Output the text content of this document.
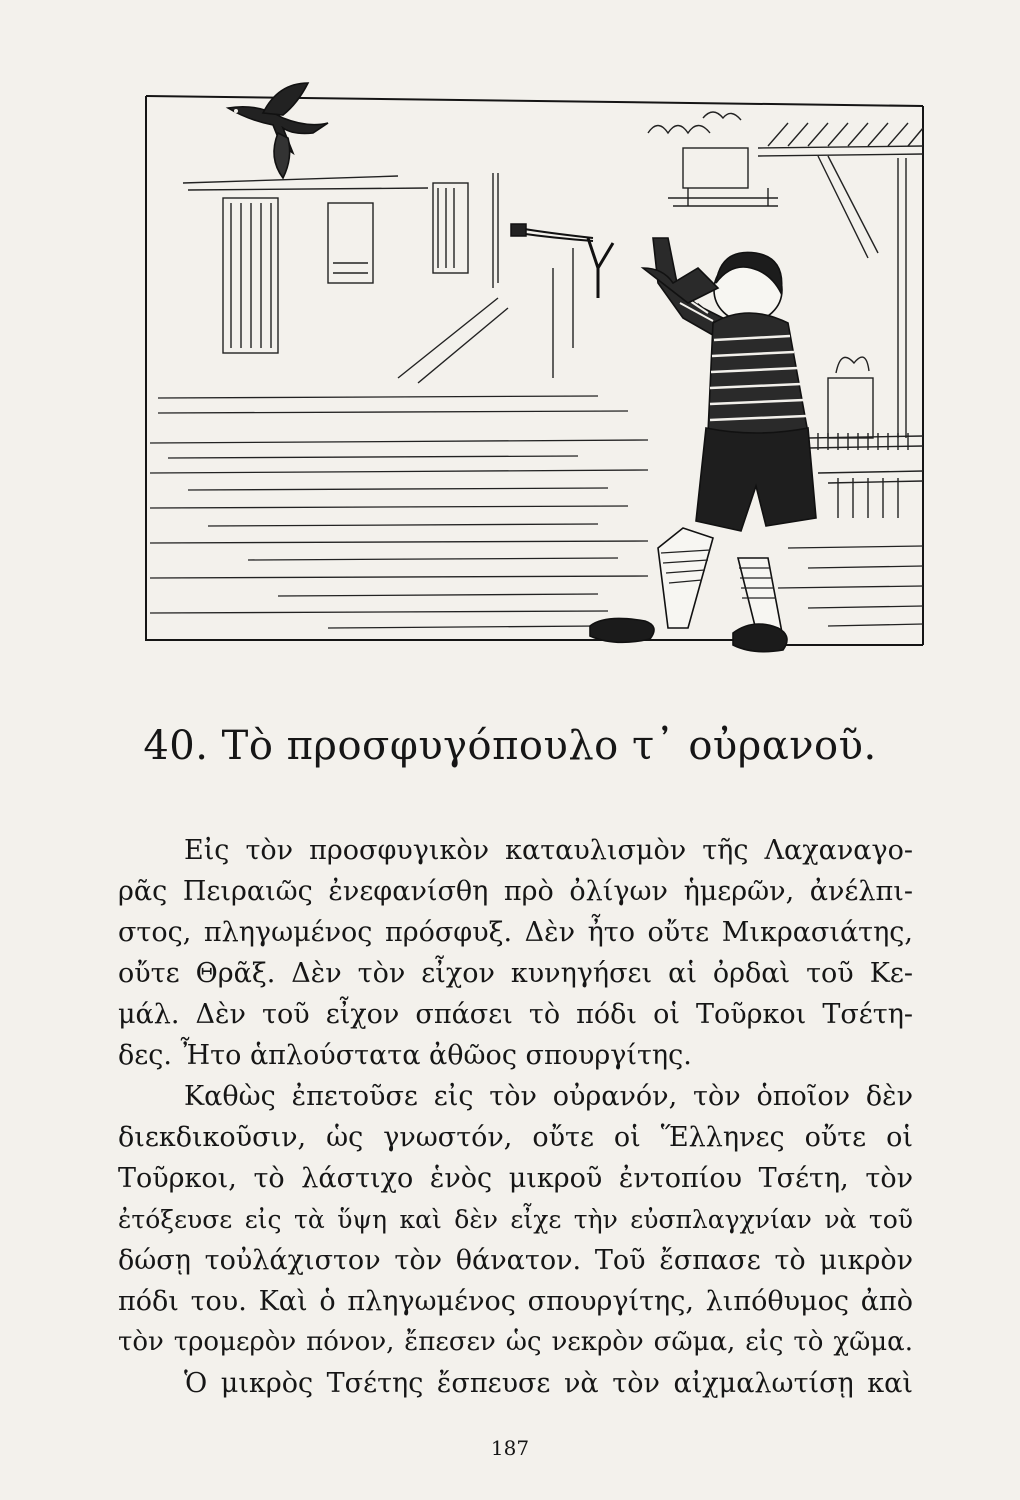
40. Τὸ προσφυγόπουλο τ᾽ οὐρανοῦ.
Εἰς τὸν προσφυγικὸν καταυλισμὸν τῆς Λαχαναγο-
ρᾶς Πειραιῶς ἐνεφανίσθη πρὸ ὀλίγων ἡμερῶν, ἀνέλπι-
στος, πληγωμένος πρόσφυξ. Δὲν ἦτο οὔτε Μικρασιάτης,
οὔτε Θρᾶξ. Δὲν τὸν εἶχον κυνηγήσει αἱ ὀρδαὶ τοῦ Κε-
μάλ. Δὲν τοῦ εἶχον σπάσει τὸ πόδι οἱ Τοῦρκοι Τσέτη-
δες. Ἦτο ἁπλούστατα ἀθῶος σπουργίτης.
Καθὼς ἐπετοῦσε εἰς τὸν οὐρανόν, τὸν ὁποῖον δὲν
διεκδικοῦσιν, ὡς γνωστόν, οὔτε οἱ Ἕλληνες οὔτε οἱ
Τοῦρκοι, τὸ λάστιχο ἑνὸς μικροῦ ἐντοπίου Τσέτη, τὸν
ἐτόξευσε εἰς τὰ ὕψη καὶ δὲν εἶχε τὴν εὐσπλαγχνίαν νὰ τοῦ
δώσῃ τοὐλάχιστον τὸν θάνατον. Τοῦ ἔσπασε τὸ μικρὸν
πόδι του. Καὶ ὁ πληγωμένος σπουργίτης, λιπόθυμος ἀπὸ
τὸν τρομερὸν πόνον, ἔπεσεν ὡς νεκρὸν σῶμα, εἰς τὸ χῶμα.
Ὁ μικρὸς Τσέτης ἔσπευσε νὰ τὸν αἰχμαλωτίσῃ καὶ
187
